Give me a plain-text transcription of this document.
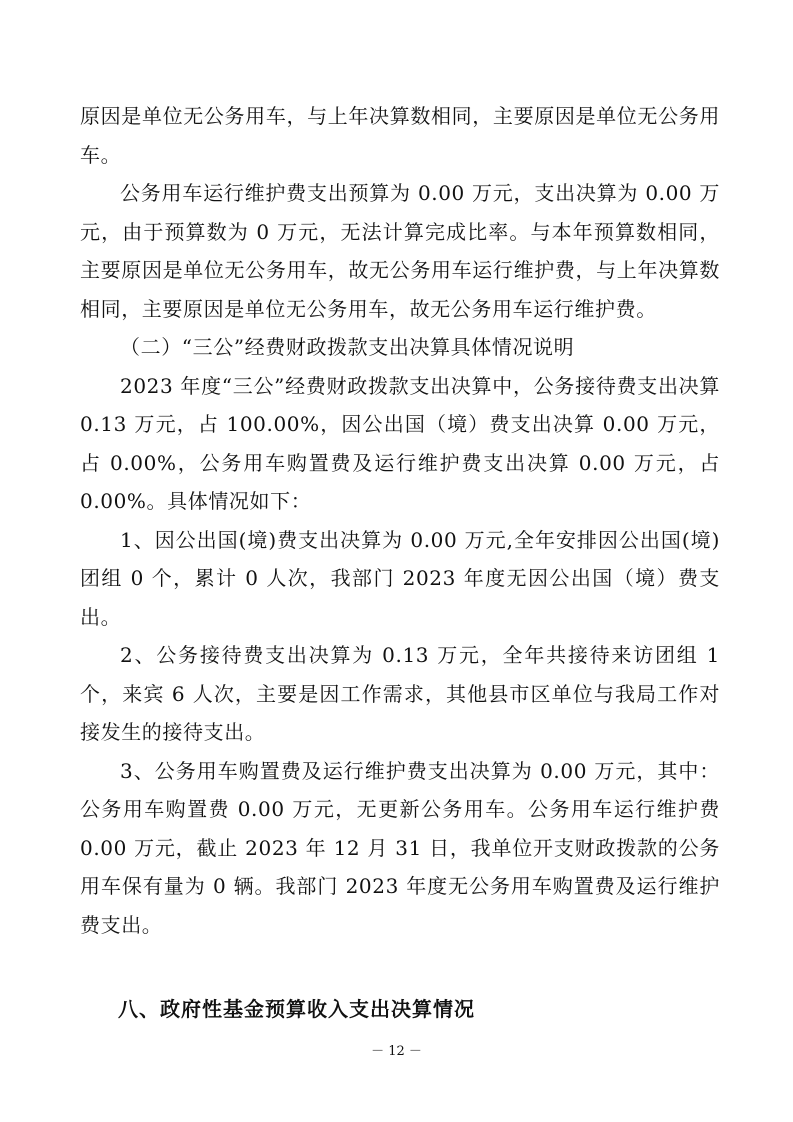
原因是单位无公务用车，与上年决算数相同，主要原因是单位无公务用车。

公务用车运行维护费支出预算为 0.00 万元，支出决算为 0.00 万元，由于预算数为 0 万元，无法计算完成比率。与本年预算数相同，主要原因是单位无公务用车，故无公务用车运行维护费，与上年决算数相同，主要原因是单位无公务用车，故无公务用车运行维护费。

（二）“三公”经费财政拨款支出决算具体情况说明

2023 年度“三公”经费财政拨款支出决算中，公务接待费支出决算 0.13 万元，占 100.00%，因公出国（境）费支出决算 0.00 万元，占 0.00%，公务用车购置费及运行维护费支出决算 0.00 万元，占 0.00%。具体情况如下：

1、因公出国(境)费支出决算为 0.00 万元,全年安排因公出国(境)团组 0 个，累计 0 人次，我部门 2023 年度无因公出国（境）费支出。

2、公务接待费支出决算为 0.13 万元，全年共接待来访团组 1 个，来宾 6 人次，主要是因工作需求，其他县市区单位与我局工作对接发生的接待支出。

3、公务用车购置费及运行维护费支出决算为 0.00 万元，其中：公务用车购置费 0.00 万元，无更新公务用车。公务用车运行维护费 0.00 万元，截止 2023 年 12 月 31 日，我单位开支财政拨款的公务用车保有量为 0 辆。我部门 2023 年度无公务用车购置费及运行维护费支出。

八、政府性基金预算收入支出决算情况
－ 12 －
